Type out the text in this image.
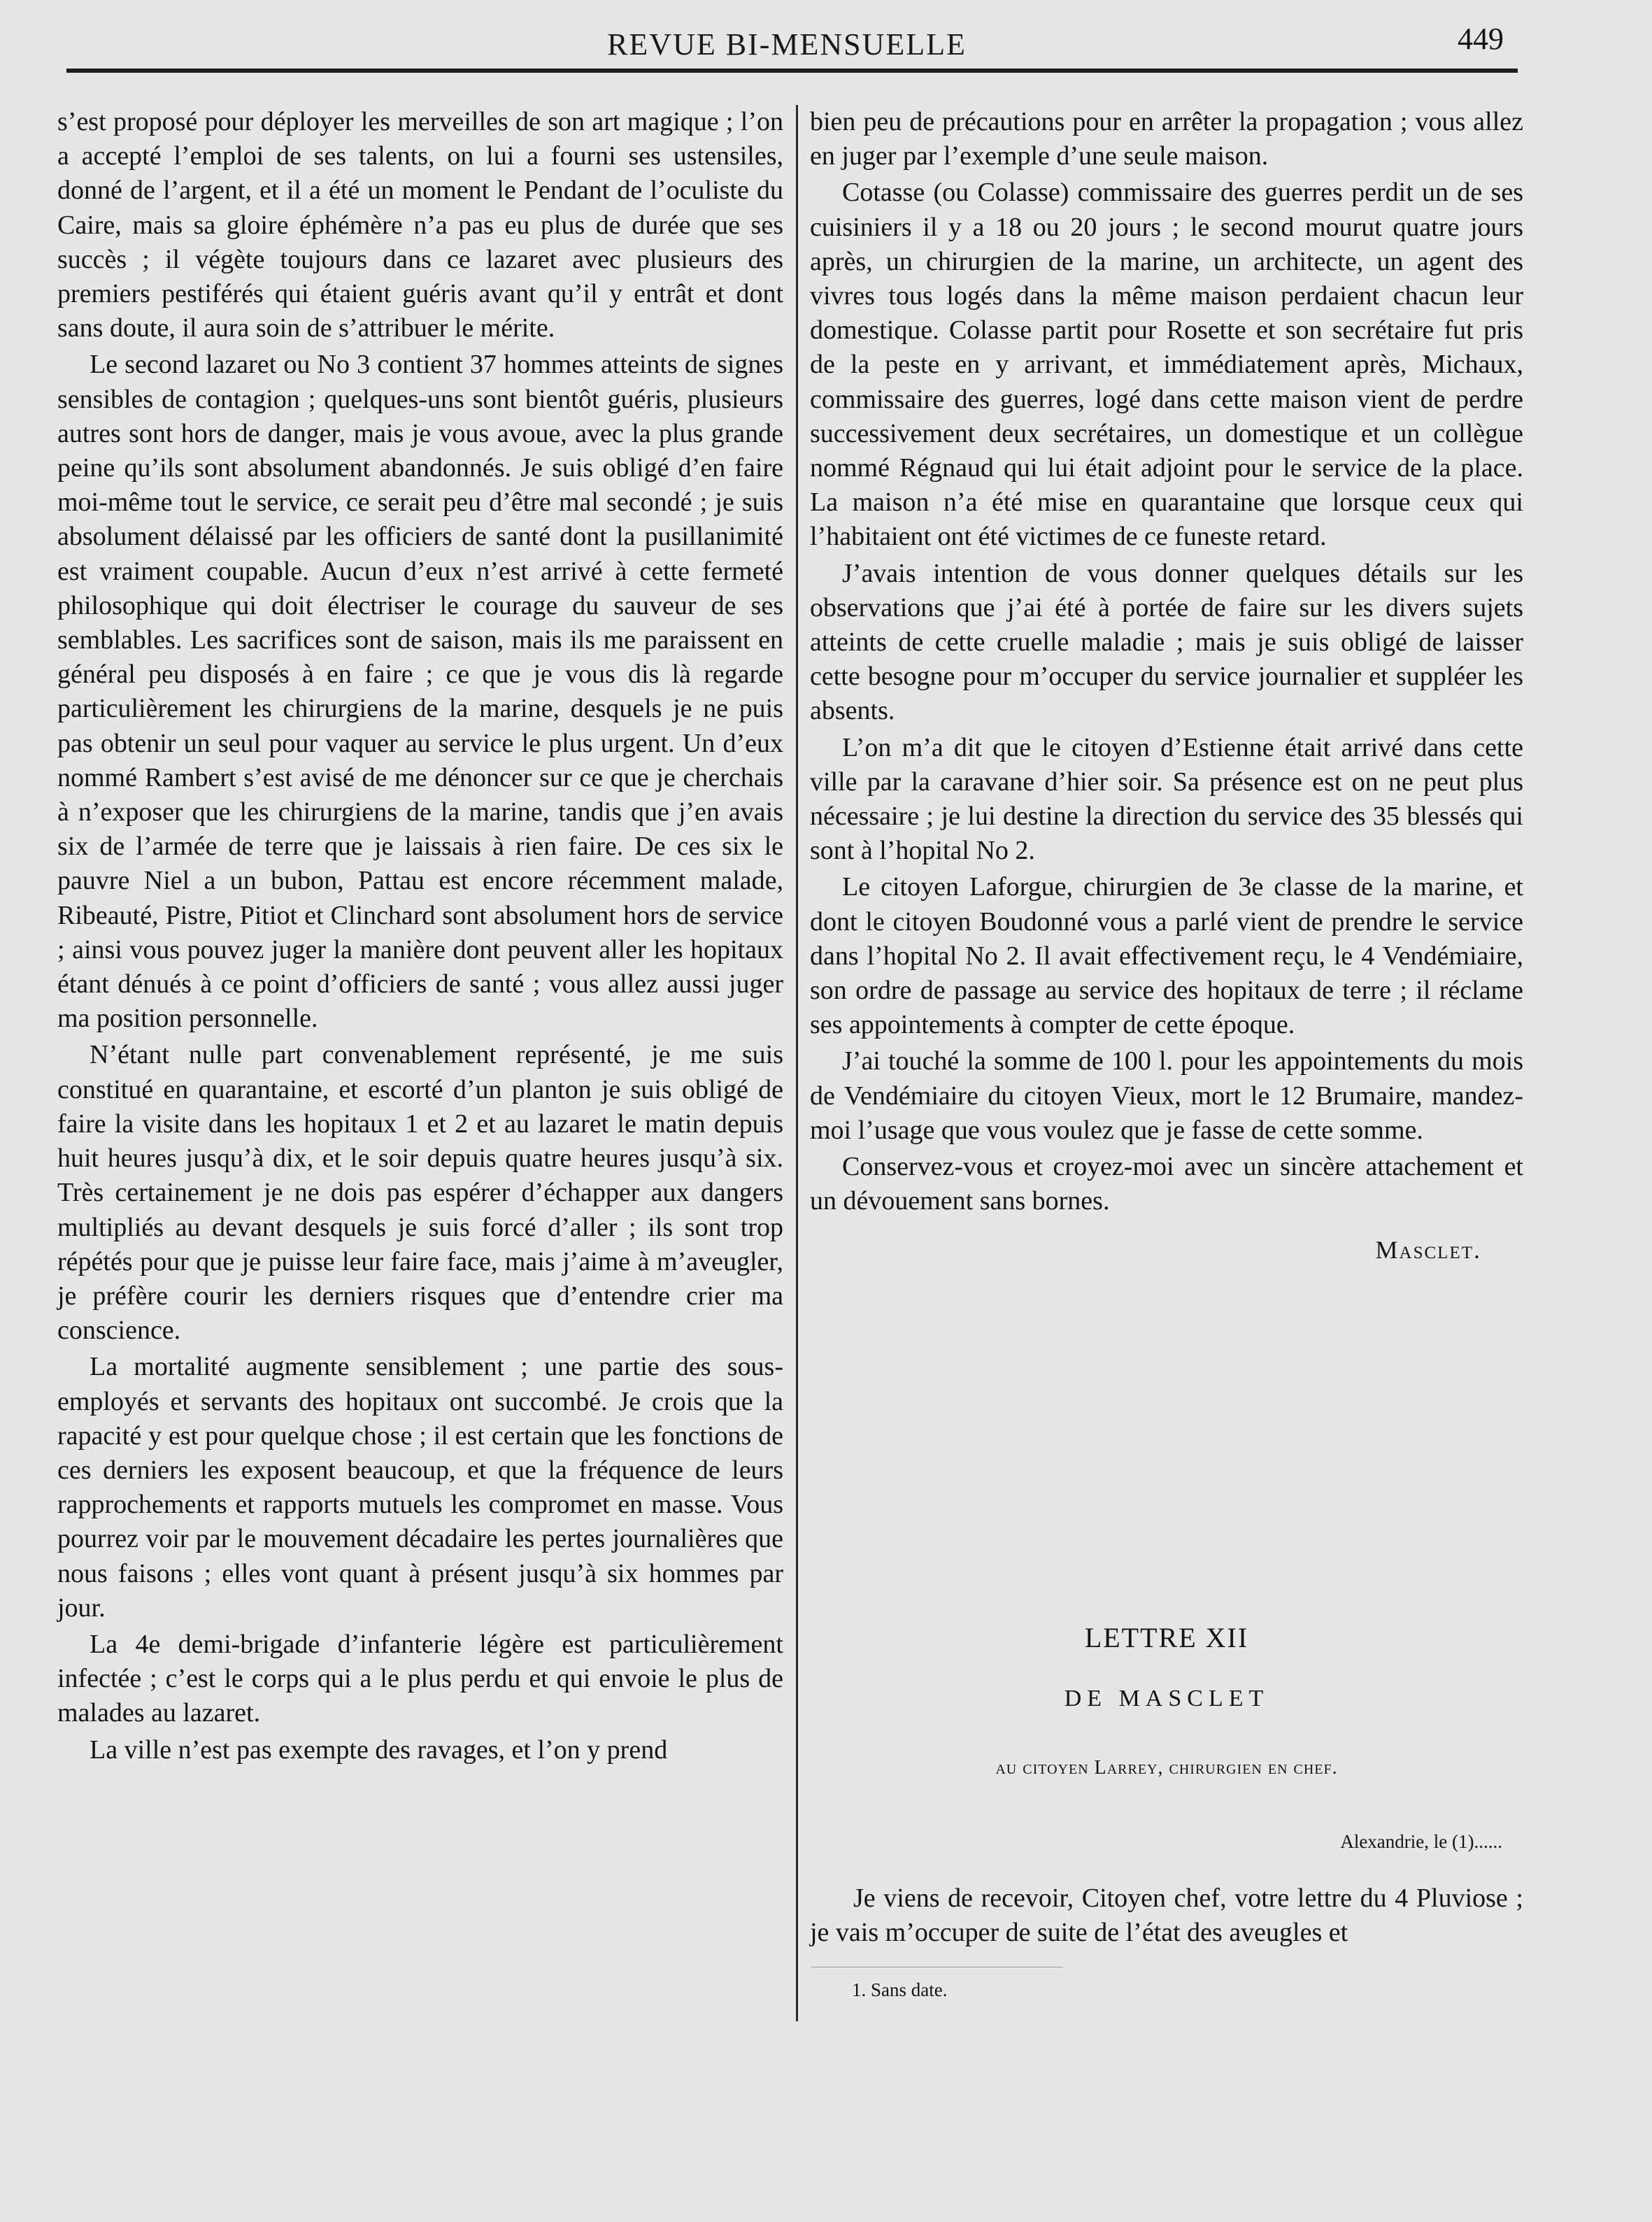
REVUE BI-MENSUELLE	449

s’est proposé pour déployer les merveilles de son art magique ; l’on a accepté l’emploi de ses talents, on lui a fourni ses ustensiles, donné de l’argent, et il a été un moment le Pendant de l’oculiste du Caire, mais sa gloire éphémère n’a pas eu plus de durée que ses succès ; il végète toujours dans ce lazaret avec plusieurs des premiers pestiférés qui étaient guéris avant qu’il y entrât et dont sans doute, il aura soin de s’attribuer le mérite.

Le second lazaret ou No 3 contient 37 hommes atteints de signes sensibles de contagion ; quelques-uns sont bientôt guéris, plusieurs autres sont hors de danger, mais je vous avoue, avec la plus grande peine qu’ils sont absolument abandonnés. Je suis obligé d’en faire moi-même tout le service, ce serait peu d’être mal secondé ; je suis absolument délaissé par les officiers de santé dont la pusillanimité est vraiment coupable. Aucun d’eux n’est arrivé à cette fermeté philosophique qui doit électriser le courage du sauveur de ses semblables. Les sacrifices sont de saison, mais ils me paraissent en général peu disposés à en faire ; ce que je vous dis là regarde particulièrement les chirurgiens de la marine, desquels je ne puis pas obtenir un seul pour vaquer au service le plus urgent. Un d’eux nommé Rambert s’est avisé de me dénoncer sur ce que je cherchais à n’exposer que les chirurgiens de la marine, tandis que j’en avais six de l’armée de terre que je laissais à rien faire. De ces six le pauvre Niel a un bubon, Pattau est encore récemment malade, Ribeauté, Pistre, Pitiot et Clinchard sont absolument hors de service ; ainsi vous pouvez juger la manière dont peuvent aller les hopitaux étant dénués à ce point d’officiers de santé ; vous allez aussi juger ma position personnelle.

N’étant nulle part convenablement représenté, je me suis constitué en quarantaine, et escorté d’un planton je suis obligé de faire la visite dans les hopitaux 1 et 2 et au lazaret le matin depuis huit heures jusqu’à dix, et le soir depuis quatre heures jusqu’à six. Très certainement je ne dois pas espérer d’échapper aux dangers multipliés au devant desquels je suis forcé d’aller ; ils sont trop répétés pour que je puisse leur faire face, mais j’aime à m’aveugler, je préfère courir les derniers risques que d’entendre crier ma conscience.

La mortalité augmente sensiblement ; une partie des sous-employés et servants des hopitaux ont succombé. Je crois que la rapacité y est pour quelque chose ; il est certain que les fonctions de ces derniers les exposent beaucoup, et que la fréquence de leurs rapprochements et rapports mutuels les compromet en masse. Vous pourrez voir par le mouvement décadaire les pertes journalières que nous faisons ; elles vont quant à présent jusqu’à six hommes par jour.

La 4e demi-brigade d’infanterie légère est particulièrement infectée ; c’est le corps qui a le plus perdu et qui envoie le plus de malades au lazaret.

La ville n’est pas exempte des ravages, et l’on y prend

bien peu de précautions pour en arrêter la propagation ; vous allez en juger par l’exemple d’une seule maison.

Cotasse (ou Colasse) commissaire des guerres perdit un de ses cuisiniers il y a 18 ou 20 jours ; le second mourut quatre jours après, un chirurgien de la marine, un architecte, un agent des vivres tous logés dans la même maison perdaient chacun leur domestique. Colasse partit pour Rosette et son secrétaire fut pris de la peste en y arrivant, et immédiatement après, Michaux, commissaire des guerres, logé dans cette maison vient de perdre successivement deux secrétaires, un domestique et un collègue nommé Régnaud qui lui était adjoint pour le service de la place. La maison n’a été mise en quarantaine que lorsque ceux qui l’habitaient ont été victimes de ce funeste retard.

J’avais intention de vous donner quelques détails sur les observations que j’ai été à portée de faire sur les divers sujets atteints de cette cruelle maladie ; mais je suis obligé de laisser cette besogne pour m’occuper du service journalier et suppléer les absents.

L’on m’a dit que le citoyen d’Estienne était arrivé dans cette ville par la caravane d’hier soir. Sa présence est on ne peut plus nécessaire ; je lui destine la direction du service des 35 blessés qui sont à l’hopital No 2.

Le citoyen Laforgue, chirurgien de 3e classe de la marine, et dont le citoyen Boudonné vous a parlé vient de prendre le service dans l’hopital No 2. Il avait effectivement reçu, le 4 Vendémiaire, son ordre de passage au service des hopitaux de terre ; il réclame ses appointements à compter de cette époque.

J’ai touché la somme de 100 l. pour les appointements du mois de Vendémiaire du citoyen Vieux, mort le 12 Brumaire, mandez-moi l’usage que vous voulez que je fasse de cette somme.

Conservez-vous et croyez-moi avec un sincère attachement et un dévouement sans bornes.

Masclet.
LETTRE XII
DE MASCLET
au citoyen Larrey, chirurgien en chef.
Alexandrie, le (1)......

Je viens de recevoir, Citoyen chef, votre lettre du 4 Pluviose ; je vais m’occuper de suite de l’état des aveugles et

1. Sans date.
